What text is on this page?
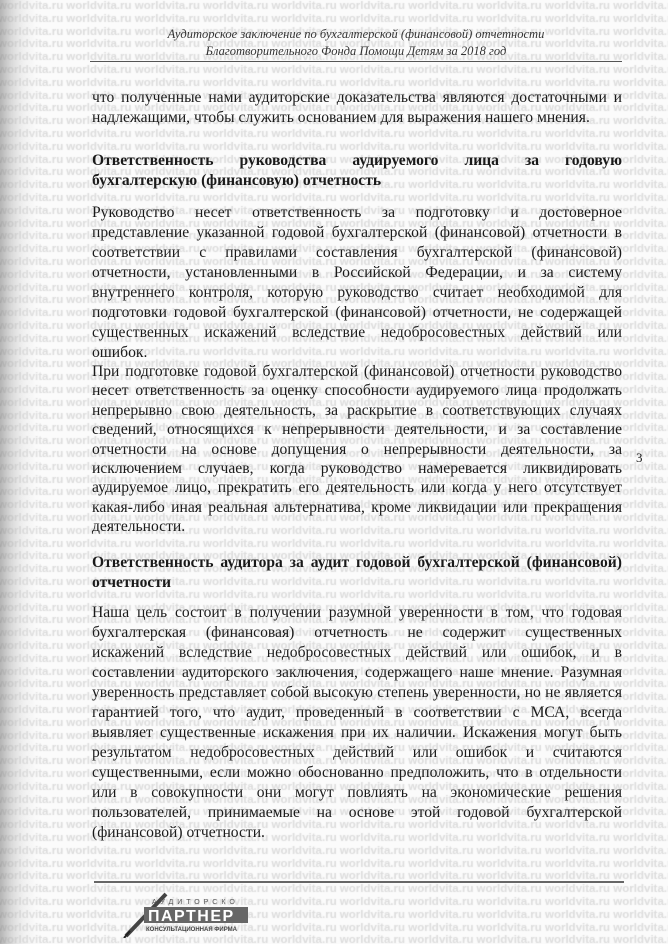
Аудиторское заключение по бухгалтерской (финансовой) отчетности
Благотворительного Фонда Помощи Детям за 2018 год
что полученные нами аудиторские доказательства являются достаточными и
надлежащими, чтобы служить основанием для выражения нашего мнения.
Ответственность руководства аудируемого лица за годовую
бухгалтерскую (финансовую) отчетность
Руководство несет ответственность за подготовку и достоверное
представление указанной годовой бухгалтерской (финансовой) отчетности в
соответствии с правилами составления бухгалтерской (финансовой)
отчетности, установленными в Российской Федерации, и за систему
внутреннего контроля, которую руководство считает необходимой для
подготовки годовой бухгалтерской (финансовой) отчетности, не содержащей
существенных искажений вследствие недобросовестных действий или
ошибок.
При подготовке годовой бухгалтерской (финансовой) отчетности руководство
несет ответственность за оценку способности аудируемого лица продолжать
непрерывно свою деятельность, за раскрытие в соответствующих случаях
сведений, относящихся к непрерывности деятельности, и за составление
отчетности на основе допущения о непрерывности деятельности, за
исключением случаев, когда руководство намеревается ликвидировать
аудируемое лицо, прекратить его деятельность или когда у него отсутствует
какая-либо иная реальная альтернатива, кроме ликвидации или прекращения
деятельности.
Ответственность аудитора за аудит годовой бухгалтерской (финансовой)
отчетности
Наша цель состоит в получении разумной уверенности в том, что годовая
бухгалтерская (финансовая) отчетность не содержит существенных
искажений вследствие недобросовестных действий или ошибок, и в
составлении аудиторского заключения, содержащего наше мнение. Разумная
уверенность представляет собой высокую степень уверенности, но не является
гарантией того, что аудит, проведенный в соответствии с МСА, всегда
выявляет существенные искажения при их наличии. Искажения могут быть
результатом недобросовестных действий или ошибок и считаются
существенными, если можно обоснованно предположить, что в отдельности
или в совокупности они могут повлиять на экономические решения
пользователей, принимаемые на основе этой годовой бухгалтерской
(финансовой) отчетности.
3
АУДИТОРСКО
ПАРТНЕР
КОНСУЛЬТАЦИОННАЯ ФИРМА
